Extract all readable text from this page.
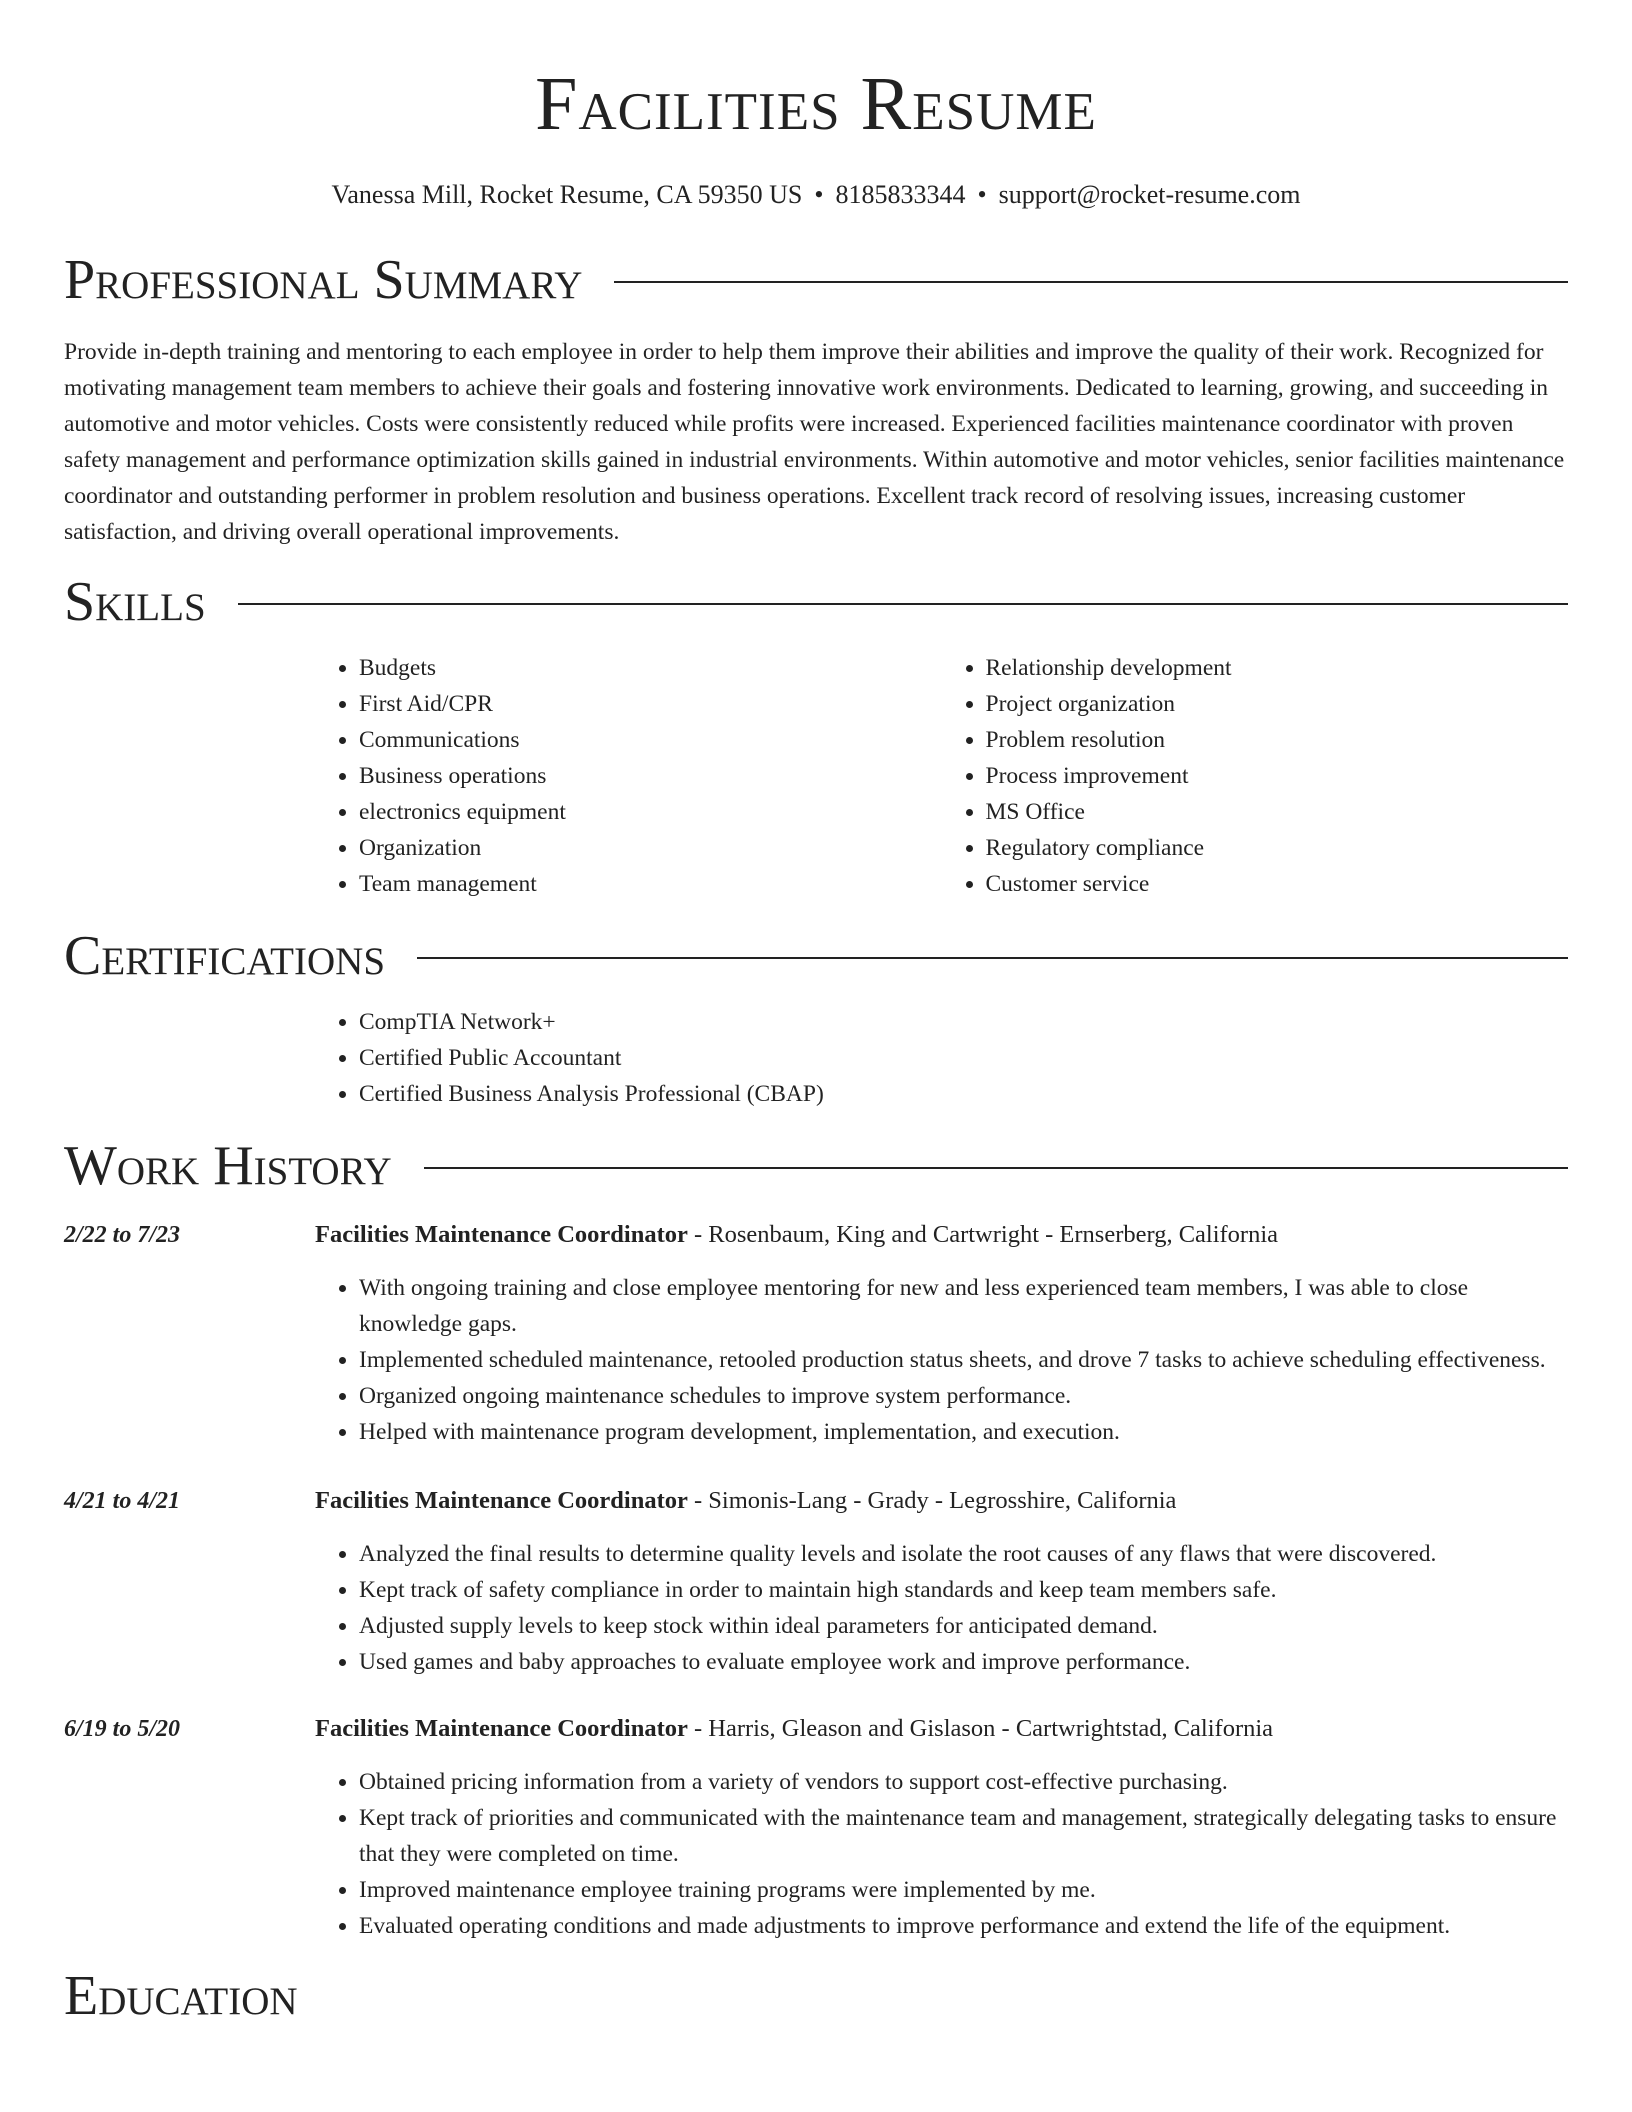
Facilities Resume
Vanessa Mill, Rocket Resume, CA 59350 US • 8185833344 • support@rocket-resume.com
Professional Summary

Provide in-depth training and mentoring to each employee in order to help them improve their abilities and improve the quality of their work. Recognized for motivating management team members to achieve their goals and fostering innovative work environments. Dedicated to learning, growing, and succeeding in automotive and motor vehicles. Costs were consistently reduced while profits were increased. Experienced facilities maintenance coordinator with proven safety management and performance optimization skills gained in industrial environments. Within automotive and motor vehicles, senior facilities maintenance coordinator and outstanding performer in problem resolution and business operations. Excellent track record of resolving issues, increasing customer satisfaction, and driving overall operational improvements.

Skills
• Budgets
• First Aid/CPR
• Communications
• Business operations
• electronics equipment
• Organization
• Team management
• Relationship development
• Project organization
• Problem resolution
• Process improvement
• MS Office
• Regulatory compliance
• Customer service
Certifications
• CompTIA Network+
• Certified Public Accountant
• Certified Business Analysis Professional (CBAP)
Work History
2/22 to 7/23	Facilities Maintenance Coordinator - Rosenbaum, King and Cartwright - Ernserberg, California
• With ongoing training and close employee mentoring for new and less experienced team members, I was able to close knowledge gaps.
• Implemented scheduled maintenance, retooled production status sheets, and drove 7 tasks to achieve scheduling effectiveness.
• Organized ongoing maintenance schedules to improve system performance.
• Helped with maintenance program development, implementation, and execution.
4/21 to 4/21	Facilities Maintenance Coordinator - Simonis-Lang - Grady - Legrosshire, California
• Analyzed the final results to determine quality levels and isolate the root causes of any flaws that were discovered.
• Kept track of safety compliance in order to maintain high standards and keep team members safe.
• Adjusted supply levels to keep stock within ideal parameters for anticipated demand.
• Used games and baby approaches to evaluate employee work and improve performance.
6/19 to 5/20	Facilities Maintenance Coordinator - Harris, Gleason and Gislason - Cartwrightstad, California
• Obtained pricing information from a variety of vendors to support cost-effective purchasing.
• Kept track of priorities and communicated with the maintenance team and management, strategically delegating tasks to ensure that they were completed on time.
• Improved maintenance employee training programs were implemented by me.
• Evaluated operating conditions and made adjustments to improve performance and extend the life of the equipment.
Education
